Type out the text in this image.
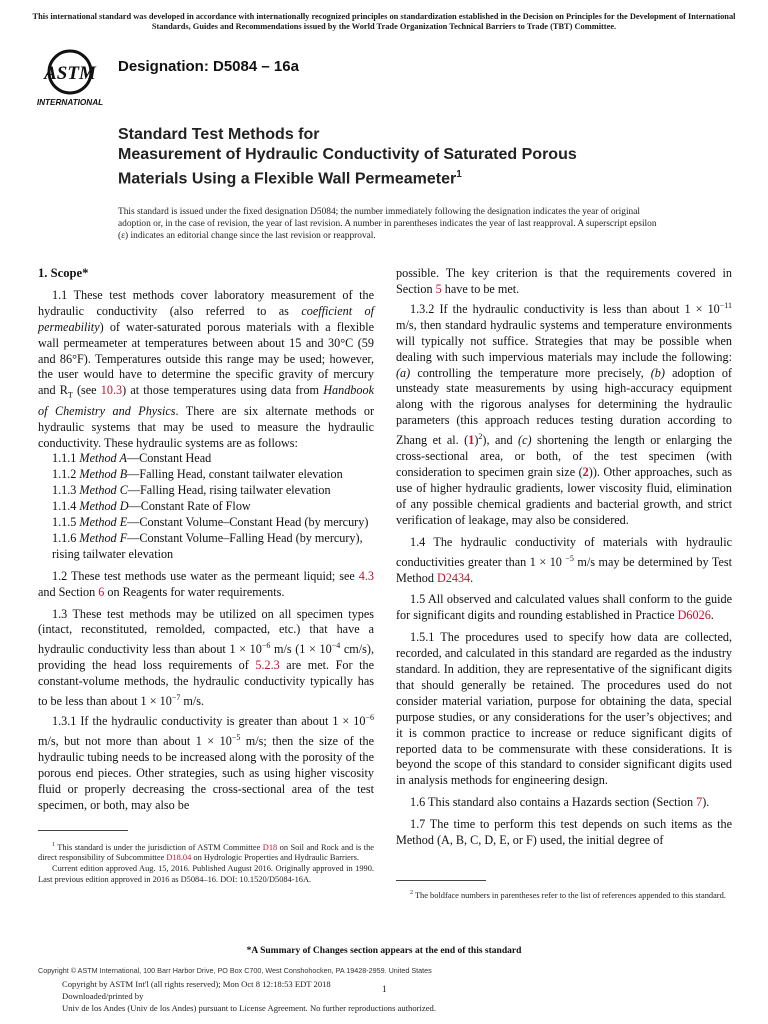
This international standard was developed in accordance with internationally recognized principles on standardization established in the Decision on Principles for the Development of International Standards, Guides and Recommendations issued by the World Trade Organization Technical Barriers to Trade (TBT) Committee.
ASTM
INTERNATIONAL
Designation: D5084 – 16a
Standard Test Methods for
Measurement of Hydraulic Conductivity of Saturated Porous
Materials Using a Flexible Wall Permeameter$^1$
This standard is issued under the fixed designation D5084; the number immediately following the designation indicates the year of original adoption or, in the case of revision, the year of last revision. A number in parentheses indicates the year of last reapproval. A superscript epsilon (ε) indicates an editorial change since the last revision or reapproval.

1. Scope*

1.1 These test methods cover laboratory measurement of the hydraulic conductivity (also referred to as coefficient of permeability) of water-saturated porous materials with a flexible wall permeameter at temperatures between about 15 and 30°C (59 and 86°F). Temperatures outside this range may be used; however, the user would have to determine the specific gravity of mercury and $R_T$ (see 10.3) at those temperatures using data from Handbook of Chemistry and Physics. There are six alternate methods or hydraulic systems that may be used to measure the hydraulic conductivity. These hydraulic systems are as follows:

1.1.1 Method A—Constant Head

1.1.2 Method B—Falling Head, constant tailwater elevation

1.1.3 Method C—Falling Head, rising tailwater elevation

1.1.4 Method D—Constant Rate of Flow

1.1.5 Method E—Constant Volume–Constant Head (by mercury)

1.1.6 Method F—Constant Volume–Falling Head (by mercury), rising tailwater elevation

1.2 These test methods use water as the permeant liquid; see 4.3 and Section 6 on Reagents for water requirements.

1.3 These test methods may be utilized on all specimen types (intact, reconstituted, remolded, compacted, etc.) that have a hydraulic conductivity less than about $1 \times 10^{-6}$ m/s ($1 \times 10^{-4}$ cm/s), providing the head loss requirements of 5.2.3 are met. For the constant-volume methods, the hydraulic conductivity typically has to be less than about $1 \times 10^{-7}$ m/s.

1.3.1 If the hydraulic conductivity is greater than about $1 \times 10^{-6}$ m/s, but not more than about $1 \times 10^{-5}$ m/s; then the size of the hydraulic tubing needs to be increased along with the porosity of the porous end pieces. Other strategies, such as using higher viscosity fluid or properly decreasing the cross-sectional area of the test specimen, or both, may also be

$^1$ This standard is under the jurisdiction of ASTM Committee D18 on Soil and Rock and is the direct responsibility of Subcommittee D18.04 on Hydrologic Properties and Hydraulic Barriers.

Current edition approved Aug. 15, 2016. Published August 2016. Originally approved in 1990. Last previous edition approved in 2016 as D5084–16. DOI: 10.1520/D5084-16A.

possible. The key criterion is that the requirements covered in Section 5 have to be met.

1.3.2 If the hydraulic conductivity is less than about $1 \times 10^{-11}$ m/s, then standard hydraulic systems and temperature environments will typically not suffice. Strategies that may be possible when dealing with such impervious materials may include the following: (a) controlling the temperature more precisely, (b) adoption of unsteady state measurements by using high-accuracy equipment along with the rigorous analyses for determining the hydraulic parameters (this approach reduces testing duration according to Zhang et al. $(1)^2$), and (c) shortening the length or enlarging the cross-sectional area, or both, of the test specimen (with consideration to specimen grain size (2)). Other approaches, such as use of higher hydraulic gradients, lower viscosity fluid, elimination of any possible chemical gradients and bacterial growth, and strict verification of leakage, may also be considered.

1.4 The hydraulic conductivity of materials with hydraulic conductivities greater than 1 × 10 $^{-5}$ m/s may be determined by Test Method D2434.

1.5 All observed and calculated values shall conform to the guide for significant digits and rounding established in Practice D6026.

1.5.1 The procedures used to specify how data are collected, recorded, and calculated in this standard are regarded as the industry standard. In addition, they are representative of the significant digits that should generally be retained. The procedures used do not consider material variation, purpose for obtaining the data, special purpose studies, or any considerations for the user’s objectives; and it is common practice to increase or reduce significant digits of reported data to be commensurate with these considerations. It is beyond the scope of this standard to consider significant digits used in analysis methods for engineering design.

1.6 This standard also contains a Hazards section (Section 7).

1.7 The time to perform this test depends on such items as the Method (A, B, C, D, E, or F) used, the initial degree of

$^2$ The boldface numbers in parentheses refer to the list of references appended to this standard.

*A Summary of Changes section appears at the end of this standard
Copyright © ASTM International, 100 Barr Harbor Drive, PO Box C700, West Conshohocken, PA 19428-2959. United States
Copyright by ASTM Int'l (all rights reserved); Mon Oct 8 12:18:53 EDT 2018
Downloaded/printed by
Univ de los Andes (Univ de los Andes) pursuant to License Agreement. No further reproductions authorized.
1
